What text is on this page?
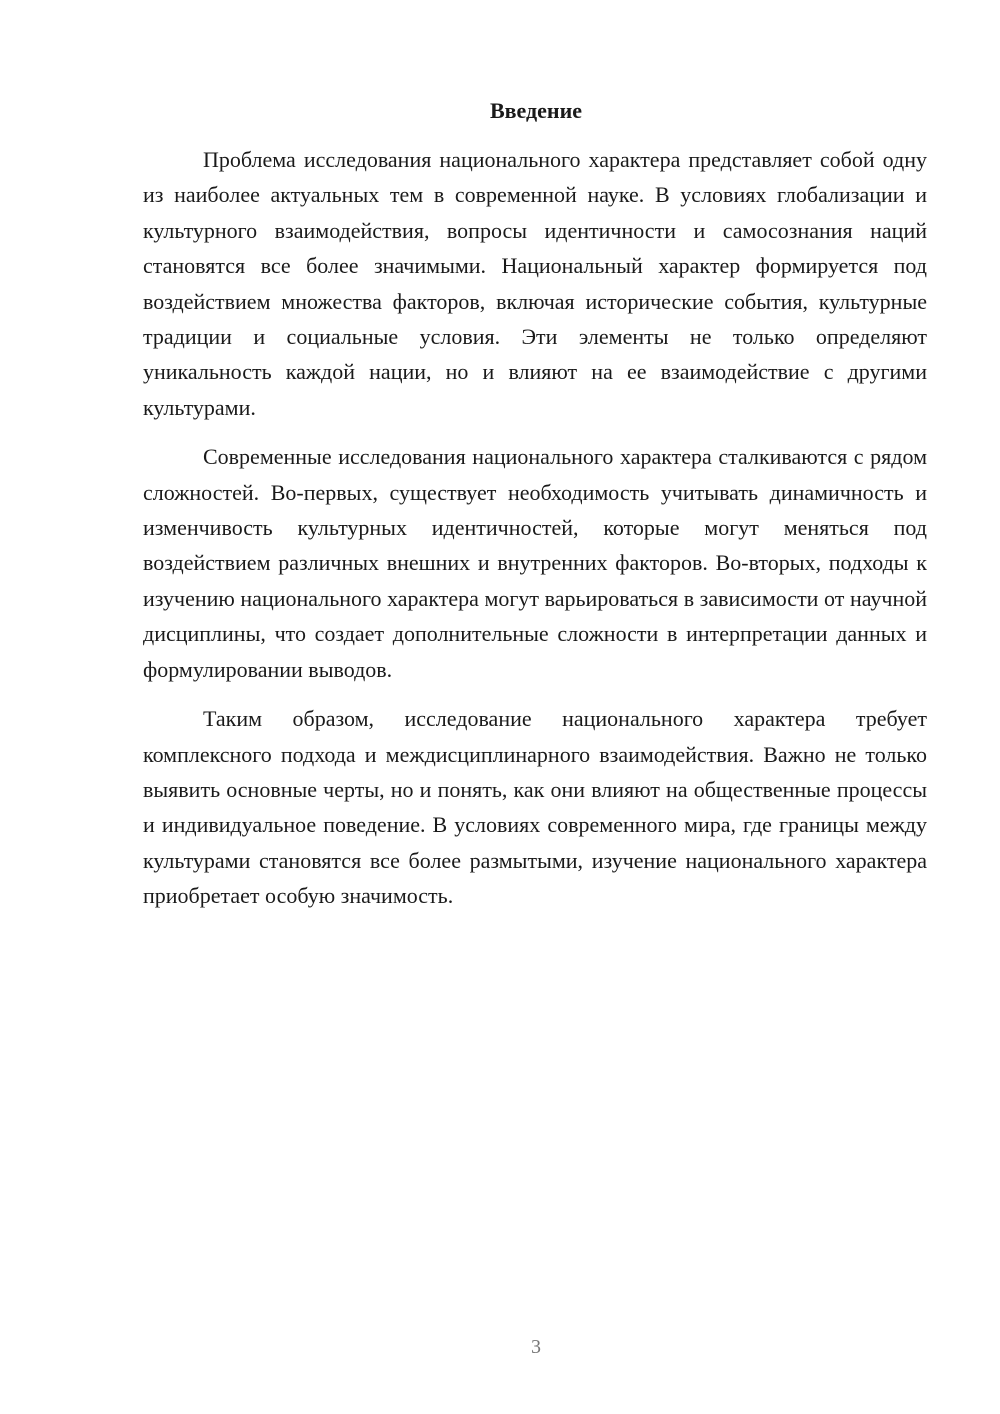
Введение

Проблема исследования национального характера представляет собой одну из наиболее актуальных тем в современной науке. В условиях глобализации и культурного взаимодействия, вопросы идентичности и самосознания наций становятся все более значимыми. Национальный характер формируется под воздействием множества факторов, включая исторические события, культурные традиции и социальные условия. Эти элементы не только определяют уникальность каждой нации, но и влияют на ее взаимодействие с другими культурами.

Современные исследования национального характера сталкиваются с рядом сложностей. Во-первых, существует необходимость учитывать динамичность и изменчивость культурных идентичностей, которые могут меняться под воздействием различных внешних и внутренних факторов. Во-вторых, подходы к изучению национального характера могут варьироваться в зависимости от научной дисциплины, что создает дополнительные сложности в интерпретации данных и формулировании выводов.

Таким образом, исследование национального характера требует комплексного подхода и междисциплинарного взаимодействия. Важно не только выявить основные черты, но и понять, как они влияют на общественные процессы и индивидуальное поведение. В условиях современного мира, где границы между культурами становятся все более размытыми, изучение национального характера приобретает особую значимость.

3
